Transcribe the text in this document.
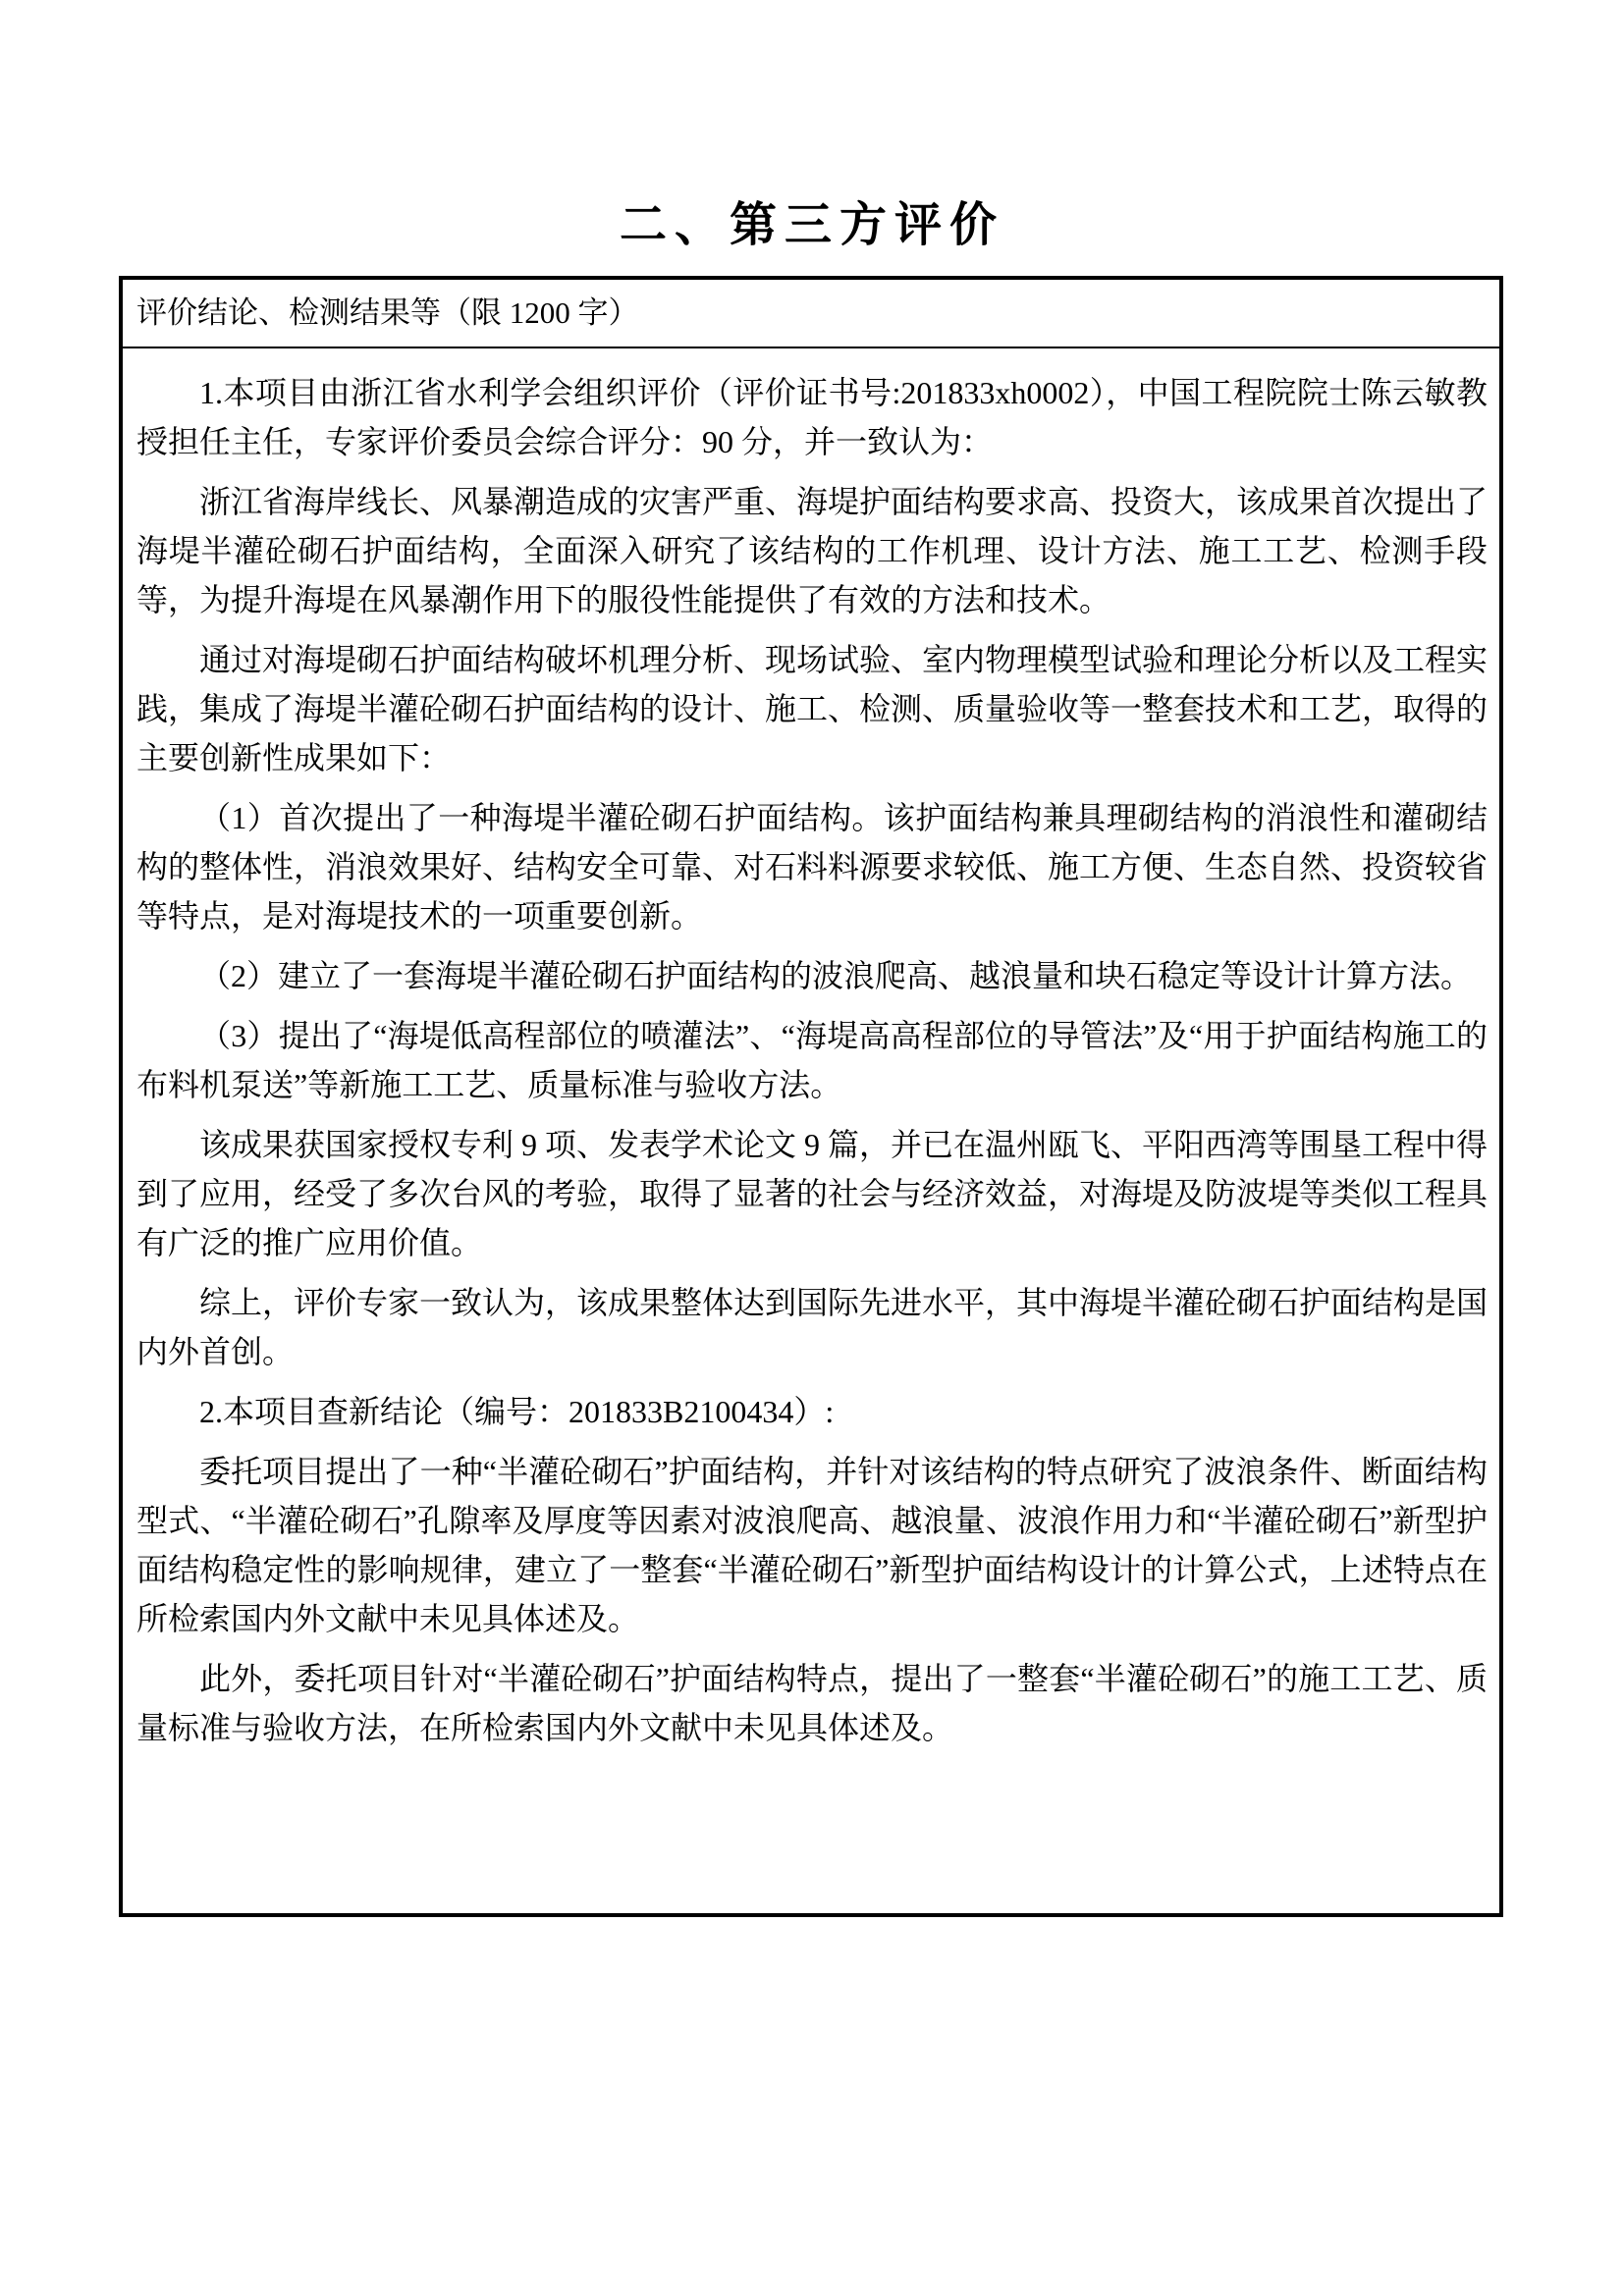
二、第三方评价
评价结论、检测结果等（限 1200 字）

1.本项目由浙江省水利学会组织评价（评价证书号:201833xh0002），中国工程院院士陈云敏教授担任主任，专家评价委员会综合评分：90 分，并一致认为：

浙江省海岸线长、风暴潮造成的灾害严重、海堤护面结构要求高、投资大，该成果首次提出了海堤半灌砼砌石护面结构，全面深入研究了该结构的工作机理、设计方法、施工工艺、检测手段等，为提升海堤在风暴潮作用下的服役性能提供了有效的方法和技术。

通过对海堤砌石护面结构破坏机理分析、现场试验、室内物理模型试验和理论分析以及工程实践，集成了海堤半灌砼砌石护面结构的设计、施工、检测、质量验收等一整套技术和工艺，取得的主要创新性成果如下：

（1）首次提出了一种海堤半灌砼砌石护面结构。该护面结构兼具理砌结构的消浪性和灌砌结构的整体性，消浪效果好、结构安全可靠、对石料料源要求较低、施工方便、生态自然、投资较省等特点，是对海堤技术的一项重要创新。

（2）建立了一套海堤半灌砼砌石护面结构的波浪爬高、越浪量和块石稳定等设计计算方法。

（3）提出了“海堤低高程部位的喷灌法”、“海堤高高程部位的导管法”及“用于护面结构施工的布料机泵送”等新施工工艺、质量标准与验收方法。

该成果获国家授权专利 9 项、发表学术论文 9 篇，并已在温州瓯飞、平阳西湾等围垦工程中得到了应用，经受了多次台风的考验，取得了显著的社会与经济效益，对海堤及防波堤等类似工程具有广泛的推广应用价值。

综上，评价专家一致认为，该成果整体达到国际先进水平，其中海堤半灌砼砌石护面结构是国内外首创。

2.本项目查新结论（编号：201833B2100434）:

委托项目提出了一种“半灌砼砌石”护面结构，并针对该结构的特点研究了波浪条件、断面结构型式、“半灌砼砌石”孔隙率及厚度等因素对波浪爬高、越浪量、波浪作用力和“半灌砼砌石”新型护面结构稳定性的影响规律，建立了一整套“半灌砼砌石”新型护面结构设计的计算公式，上述特点在所检索国内外文献中未见具体述及。

此外，委托项目针对“半灌砼砌石”护面结构特点，提出了一整套“半灌砼砌石”的施工工艺、质量标准与验收方法，在所检索国内外文献中未见具体述及。
